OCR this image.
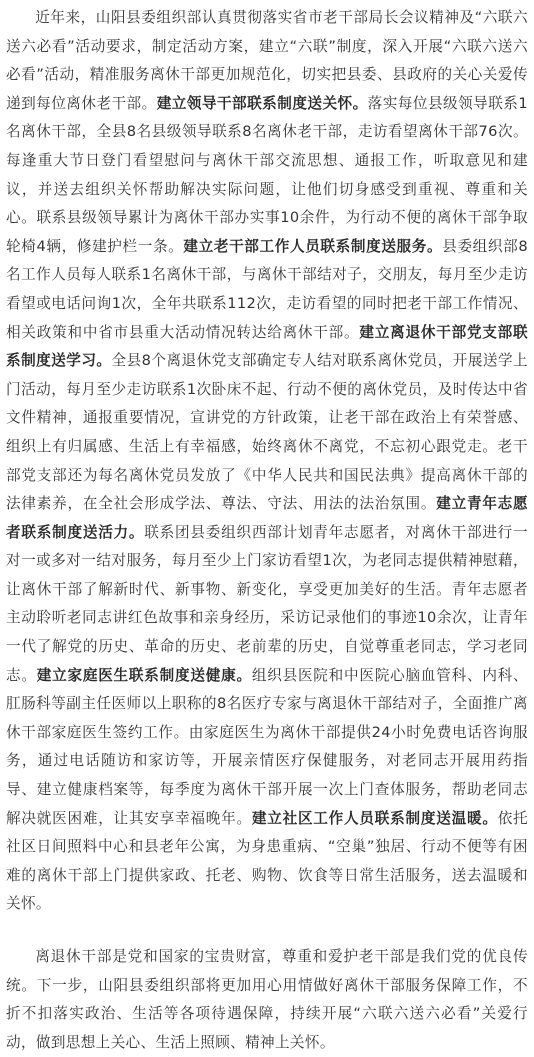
近年来，山阳县委组织部认真贯彻落实省市老干部局长会议精神及“六联六送六必看”活动要求，制定活动方案，建立“六联”制度，深入开展“六联六送六必看”活动，精准服务离休干部更加规范化，切实把县委、县政府的关心关爱传递到每位离休老干部。建立领导干部联系制度送关怀。落实每位县级领导联系1名离休干部，全县8名县级领导联系8名离休老干部，走访看望离休干部76次。每逢重大节日登门看望慰问与离休干部交流思想、通报工作，听取意见和建议，并送去组织关怀帮助解决实际问题，让他们切身感受到重视、尊重和关心。联系县级领导累计为离休干部办实事10余件，为行动不便的离休干部争取轮椅4辆，修建护栏一条。建立老干部工作人员联系制度送服务。县委组织部8名工作人员每人联系1名离休干部，与离休干部结对子，交朋友，每月至少走访看望或电话问询1次，全年共联系112次，走访看望的同时把老干部工作情况、相关政策和中省市县重大活动情况转达给离休干部。建立离退休干部党支部联系制度送学习。全县8个离退休党支部确定专人结对联系离休党员，开展送学上门活动，每月至少走访联系1次卧床不起、行动不便的离休党员，及时传达中省文件精神，通报重要情况，宣讲党的方针政策，让老干部在政治上有荣誉感、组织上有归属感、生活上有幸福感，始终离休不离党，不忘初心跟党走。老干部党支部还为每名离休党员发放了《中华人民共和国民法典》提高离休干部的法律素养，在全社会形成学法、尊法、守法、用法的法治氛围。建立青年志愿者联系制度送活力。联系团县委组织西部计划青年志愿者，对离休干部进行一对一或多对一结对服务，每月至少上门家访看望1次，为老同志提供精神慰藉，让离休干部了解新时代、新事物、新变化，享受更加美好的生活。青年志愿者主动聆听老同志讲红色故事和亲身经历，采访记录他们的事迹10余次，让青年一代了解党的历史、革命的历史、老前辈的历史，自觉尊重老同志，学习老同志。建立家庭医生联系制度送健康。组织县医院和中医院心脑血管科、内科、肛肠科等副主任医师以上职称的8名医疗专家与离退休干部结对子，全面推广离休干部家庭医生签约工作。由家庭医生为离休干部提供24小时免费电话咨询服务，通过电话随访和家访等，开展亲情医疗保健服务，对老同志开展用药指导、建立健康档案等，每季度为离休干部开展一次上门查体服务，帮助老同志解决就医困难，让其安享幸福晚年。建立社区工作人员联系制度送温暖。依托社区日间照料中心和县老年公寓，为身患重病、“空巢”独居、行动不便等有困难的离休干部上门提供家政、托老、购物、饮食等日常生活服务，送去温暖和关怀。

离退休干部是党和国家的宝贵财富，尊重和爱护老干部是我们党的优良传统。下一步，山阳县委组织部将更加用心用情做好离休干部服务保障工作，不折不扣落实政治、生活等各项待遇保障，持续开展“六联六送六必看”关爱行动，做到思想上关心、生活上照顾、精神上关怀。
